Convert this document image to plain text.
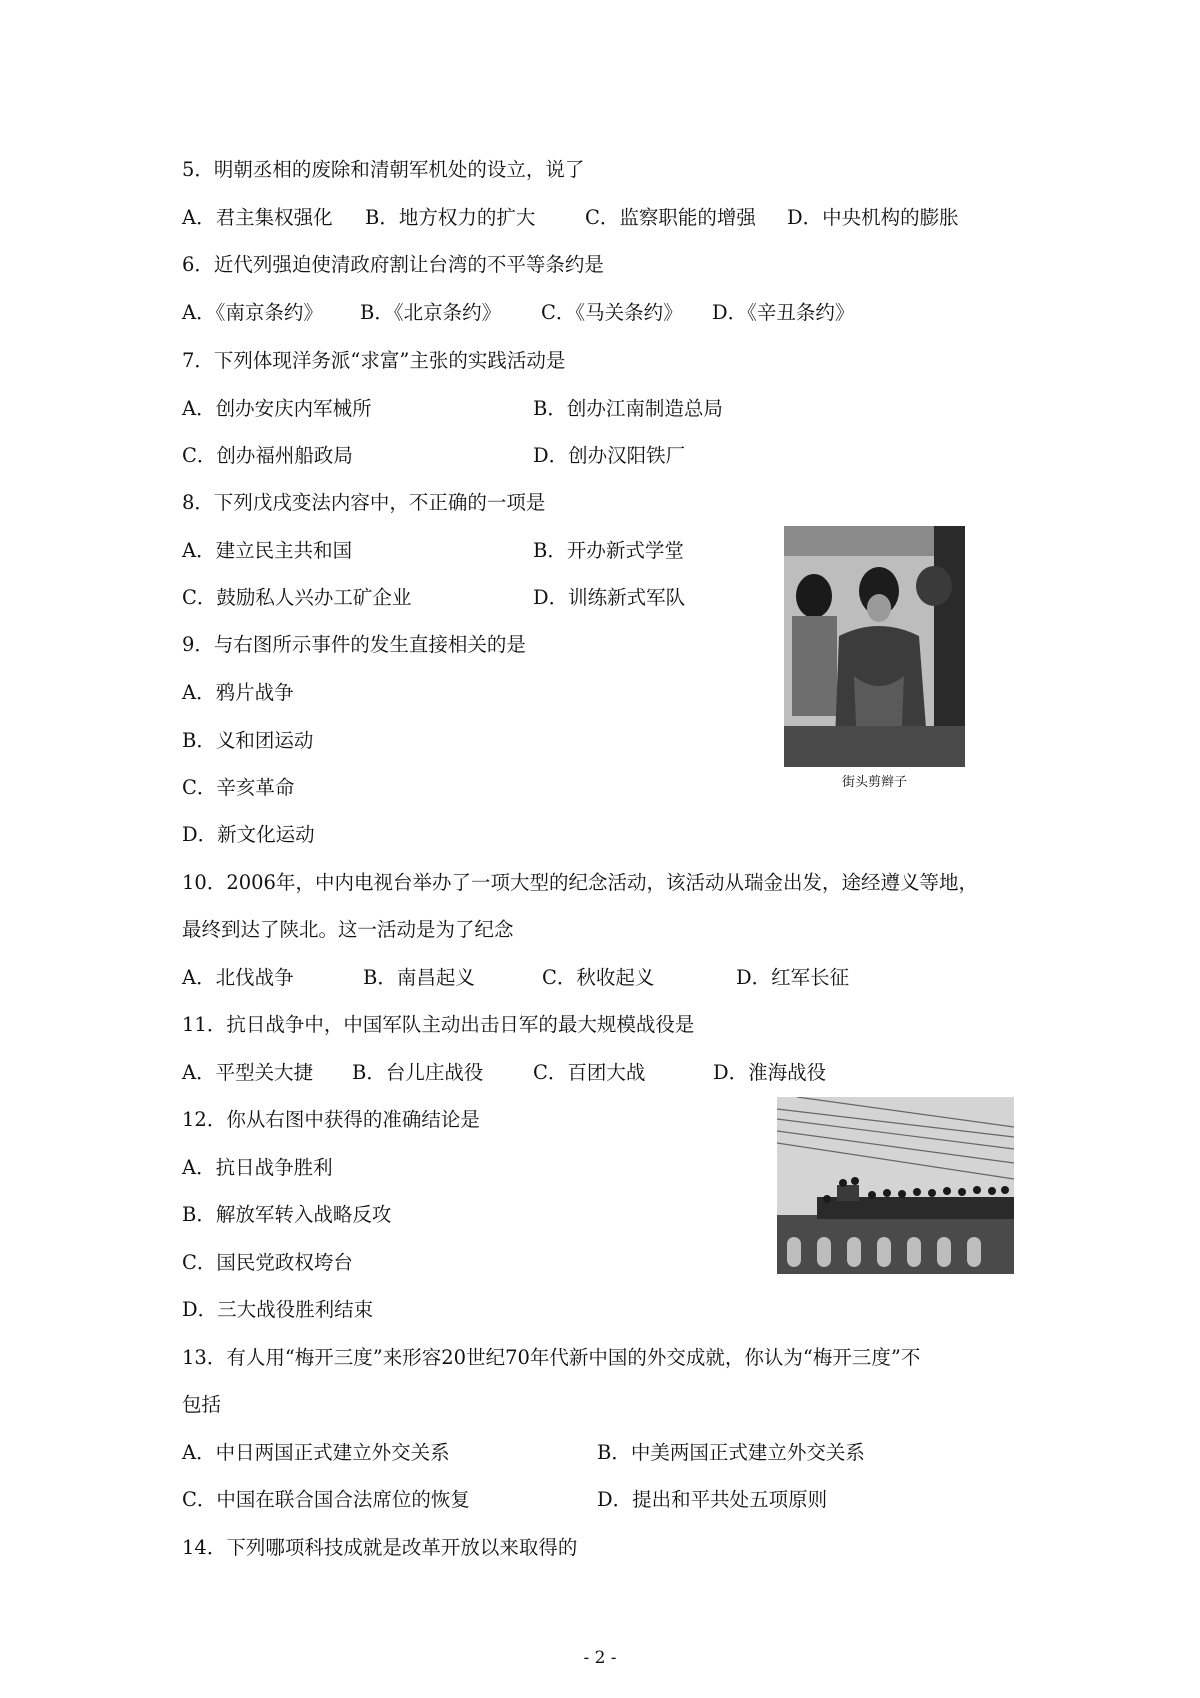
5．明朝丞相的废除和清朝军机处的设立，说了
A．君主集权强化 B．地方权力的扩大	C．监察职能的增强 D．中央机构的膨胀
6．近代列强迫使清政府割让台湾的不平等条约是
A．《南京条约》 B．《北京条约》 C．《马关条约》 D．《辛丑条约》
7．下列体现洋务派“求富”主张的实践活动是
A．创办安庆内军械所	B．创办江南制造总局
C．创办福州船政局	D．创办汉阳铁厂
8．下列戊戌变法内容中，不正确的一项是
A．建立民主共和国	B．开办新式学堂
C．鼓励私人兴办工矿企业	D．训练新式军队
街头剪辫子
9．与右图所示事件的发生直接相关的是
A．鸦片战争
B．义和团运动
C．辛亥革命
D．新文化运动
10．2006年，中内电视台举办了一项大型的纪念活动，该活动从瑞金出发，途经遵义等地，
最终到达了陕北。这一活动是为了纪念
A．北伐战争	B．南昌起义	C．秋收起义	D．红军长征
11．抗日战争中，中国军队主动出击日军的最大规模战役是
A．平型关大捷 B．台儿庄战役	C．百团大战	D．淮海战役
12．你从右图中获得的准确结论是
A．抗日战争胜利
B．解放军转入战略反攻
C．国民党政权垮台
D．三大战役胜利结束
13．有人用“梅开三度”来形容20世纪70年代新中国的外交成就，你认为“梅开三度”不
包括
A．中日两国正式建立外交关系	B．中美两国正式建立外交关系
C．中国在联合国合法席位的恢复	D．提出和平共处五项原则
14．下列哪项科技成就是改革开放以来取得的
- 2 -
